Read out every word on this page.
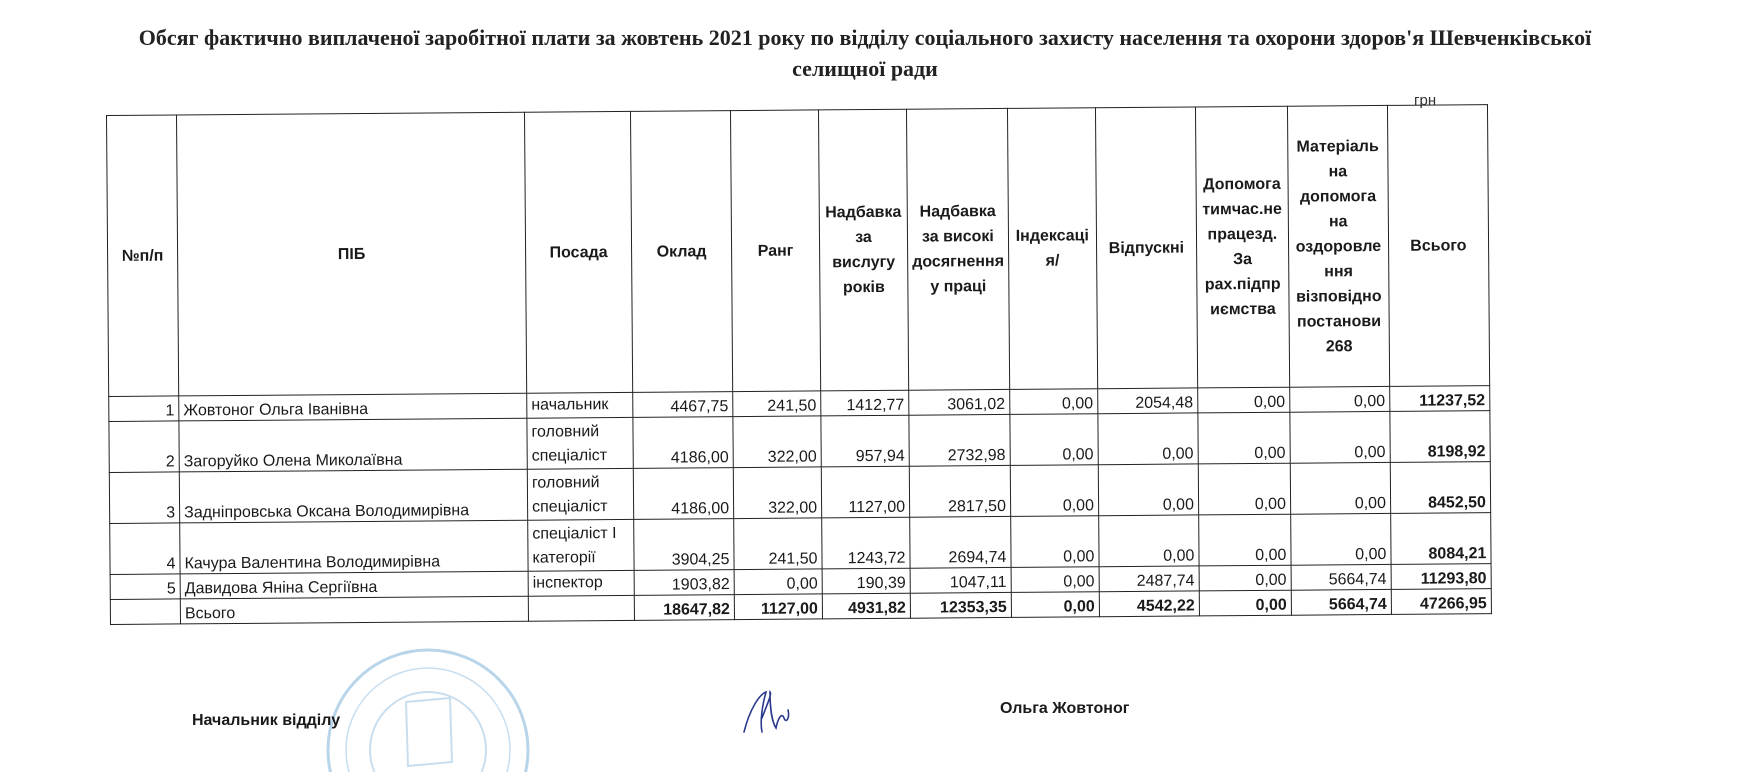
Обсяг фактично виплаченої заробітної плати за жовтень 2021 року по відділу соціального захисту населення та охорони здоров'я Шевченківської селищної ради
грн
№п/п	ПІБ	Посада	Оклад	Ранг	Надбавка за вислугу років	Надбавка за високі досягнення у праці	Індексаці я/	Відпускні	Допомога тимчас.не працезд. За рах.підпр иємства	Матеріаль на допомога на оздоровле ння візповідно постанови 268	Всього
1	Жовтоног Ольга Іванівна	начальник	4467,75	241,50	1412,77	3061,02	0,00	2054,48	0,00	0,00	11237,52
2	Загоруйко Олена Миколаївна	головний спеціаліст	4186,00	322,00	957,94	2732,98	0,00	0,00	0,00	0,00	8198,92
3	Задніпровська Оксана Володимирівна	головний спеціаліст	4186,00	322,00	1127,00	2817,50	0,00	0,00	0,00	0,00	8452,50
4	Качура Валентина Володимирівна	спеціаліст І категорії	3904,25	241,50	1243,72	2694,74	0,00	0,00	0,00	0,00	8084,21
5	Давидова Яніна Сергіївна	інспектор	1903,82	0,00	190,39	1047,11	0,00	2487,74	0,00	5664,74	11293,80
	Всього		18647,82	1127,00	4931,82	12353,35	0,00	4542,22	0,00	5664,74	47266,95
Начальник відділу
Ольга Жовтоног
